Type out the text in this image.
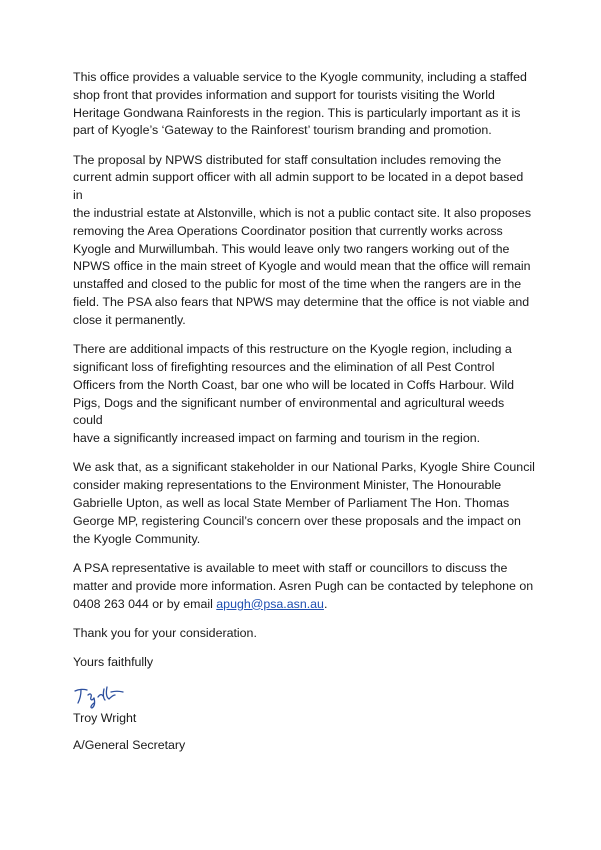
This office provides a valuable service to the Kyogle community, including a staffed
shop front that provides information and support for tourists visiting the World
Heritage Gondwana Rainforests in the region. This is particularly important as it is
part of Kyogle’s ‘Gateway to the Rainforest’ tourism branding and promotion.

The proposal by NPWS distributed for staff consultation includes removing the
current admin support officer with all admin support to be located in a depot based in
the industrial estate at Alstonville, which is not a public contact site. It also proposes
removing the Area Operations Coordinator position that currently works across
Kyogle and Murwillumbah. This would leave only two rangers working out of the
NPWS office in the main street of Kyogle and would mean that the office will remain
unstaffed and closed to the public for most of the time when the rangers are in the
field. The PSA also fears that NPWS may determine that the office is not viable and
close it permanently.

There are additional impacts of this restructure on the Kyogle region, including a
significant loss of firefighting resources and the elimination of all Pest Control
Officers from the North Coast, bar one who will be located in Coffs Harbour. Wild
Pigs, Dogs and the significant number of environmental and agricultural weeds could
have a significantly increased impact on farming and tourism in the region.

We ask that, as a significant stakeholder in our National Parks, Kyogle Shire Council
consider making representations to the Environment Minister, The Honourable
Gabrielle Upton, as well as local State Member of Parliament The Hon. Thomas
George MP, registering Council’s concern over these proposals and the impact on
the Kyogle Community.

A PSA representative is available to meet with staff or councillors to discuss the
matter and provide more information. Asren Pugh can be contacted by telephone on
0408 263 044 or by email apugh@psa.asn.au.

Thank you for your consideration.

Yours faithfully

Troy Wright

A/General Secretary
